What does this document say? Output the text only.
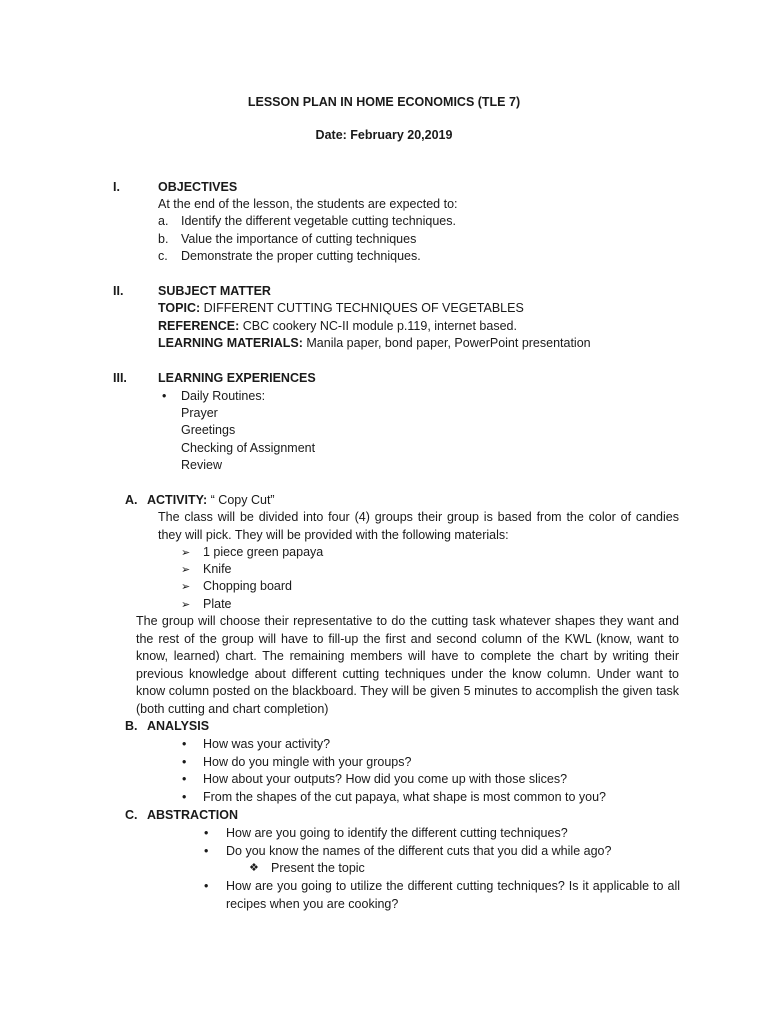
LESSON PLAN IN HOME ECONOMICS (TLE 7)
Date: February 20,2019
I.	OBJECTIVES
At the end of the lesson, the students are expected to:
a. Identify the different vegetable cutting techniques.
b. Value the importance of cutting techniques
c. Demonstrate the proper cutting techniques.
II.	SUBJECT MATTER
TOPIC: DIFFERENT CUTTING TECHNIQUES OF VEGETABLES
REFERENCE: CBC cookery NC-II module p.119, internet based.
LEARNING MATERIALS: Manila paper, bond paper, PowerPoint presentation
III. LEARNING EXPERIENCES
• Daily Routines:
Prayer
Greetings
Checking of Assignment
Review
A. ACTIVITY: “ Copy Cut”
The class will be divided into four (4) groups their group is based from the color of candies they will pick. They will be provided with the following materials:
➢ 1 piece green papaya
➢ Knife
➢ Chopping board
➢ Plate
The group will choose their representative to do the cutting task whatever shapes they want and the rest of the group will have to fill-up the first and second column of the KWL (know, want to know, learned) chart. The remaining members will have to complete the chart by writing their previous knowledge about different cutting techniques under the know column. Under want to know column posted on the blackboard. They will be given 5 minutes to accomplish the given task (both cutting and chart completion)
B. ANALYSIS
• How was your activity?
• How do you mingle with your groups?
• How about your outputs? How did you come up with those slices?
• From the shapes of the cut papaya, what shape is most common to you?
C. ABSTRACTION
• How are you going to identify the different cutting techniques?
• Do you know the names of the different cuts that you did a while ago?
❖ Present the topic
• How are you going to utilize the different cutting techniques? Is it applicable to all recipes when you are cooking?
